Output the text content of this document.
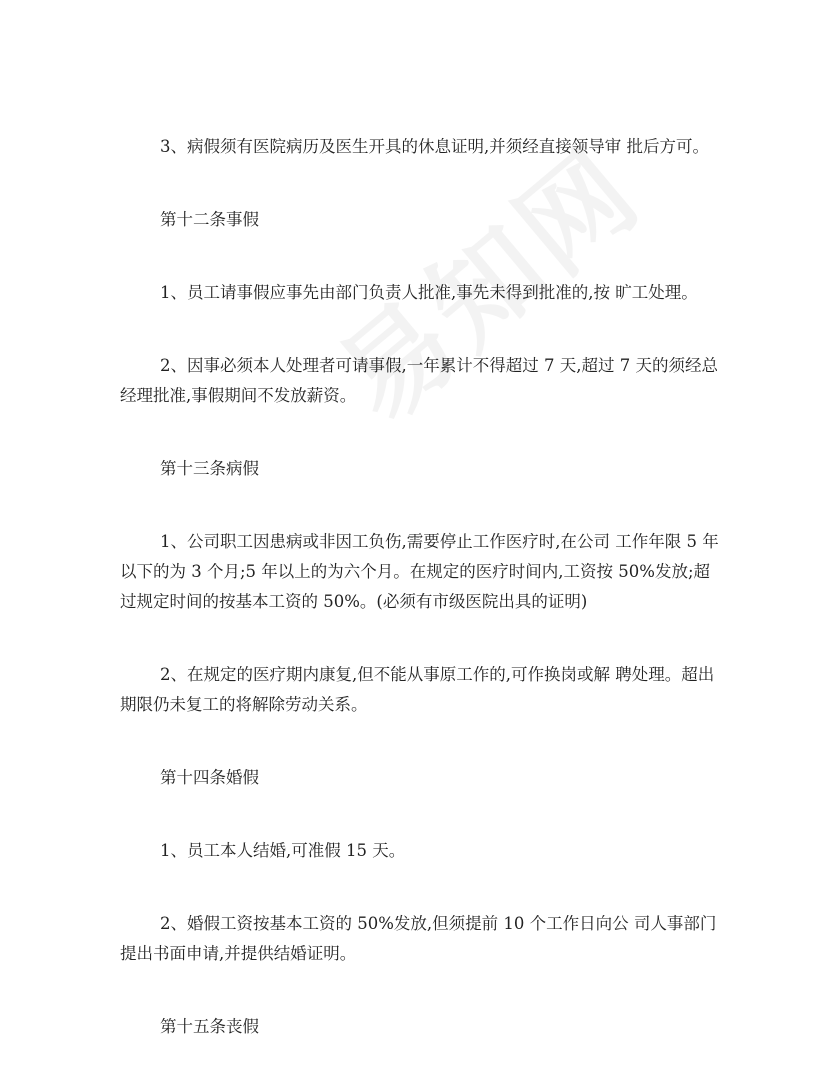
3、病假须有医院病历及医生开具的休息证明,并须经直接领导审 批后方可。

第十二条事假

1、员工请事假应事先由部门负责人批准,事先未得到批准的,按 旷工处理。

2、因事必须本人处理者可请事假,一年累计不得超过 7 天,超过 7 天的须经总

经理批准,事假期间不发放薪资。

第十三条病假

1、公司职工因患病或非因工负伤,需要停止工作医疗时,在公司 工作年限 5 年

以下的为 3 个月;5 年以上的为六个月。在规定的医疗时间内,工资按 50%发放;超

过规定时间的按基本工资的 50%。(必须有市级医院出具的证明)

2、在规定的医疗期内康复,但不能从事原工作的,可作换岗或解 聘处理。超出

期限仍未复工的将解除劳动关系。

第十四条婚假

1、员工本人结婚,可准假 15 天。

2、婚假工资按基本工资的 50%发放,但须提前 10 个工作日向公 司人事部门

提出书面申请,并提供结婚证明。

第十五条丧假
